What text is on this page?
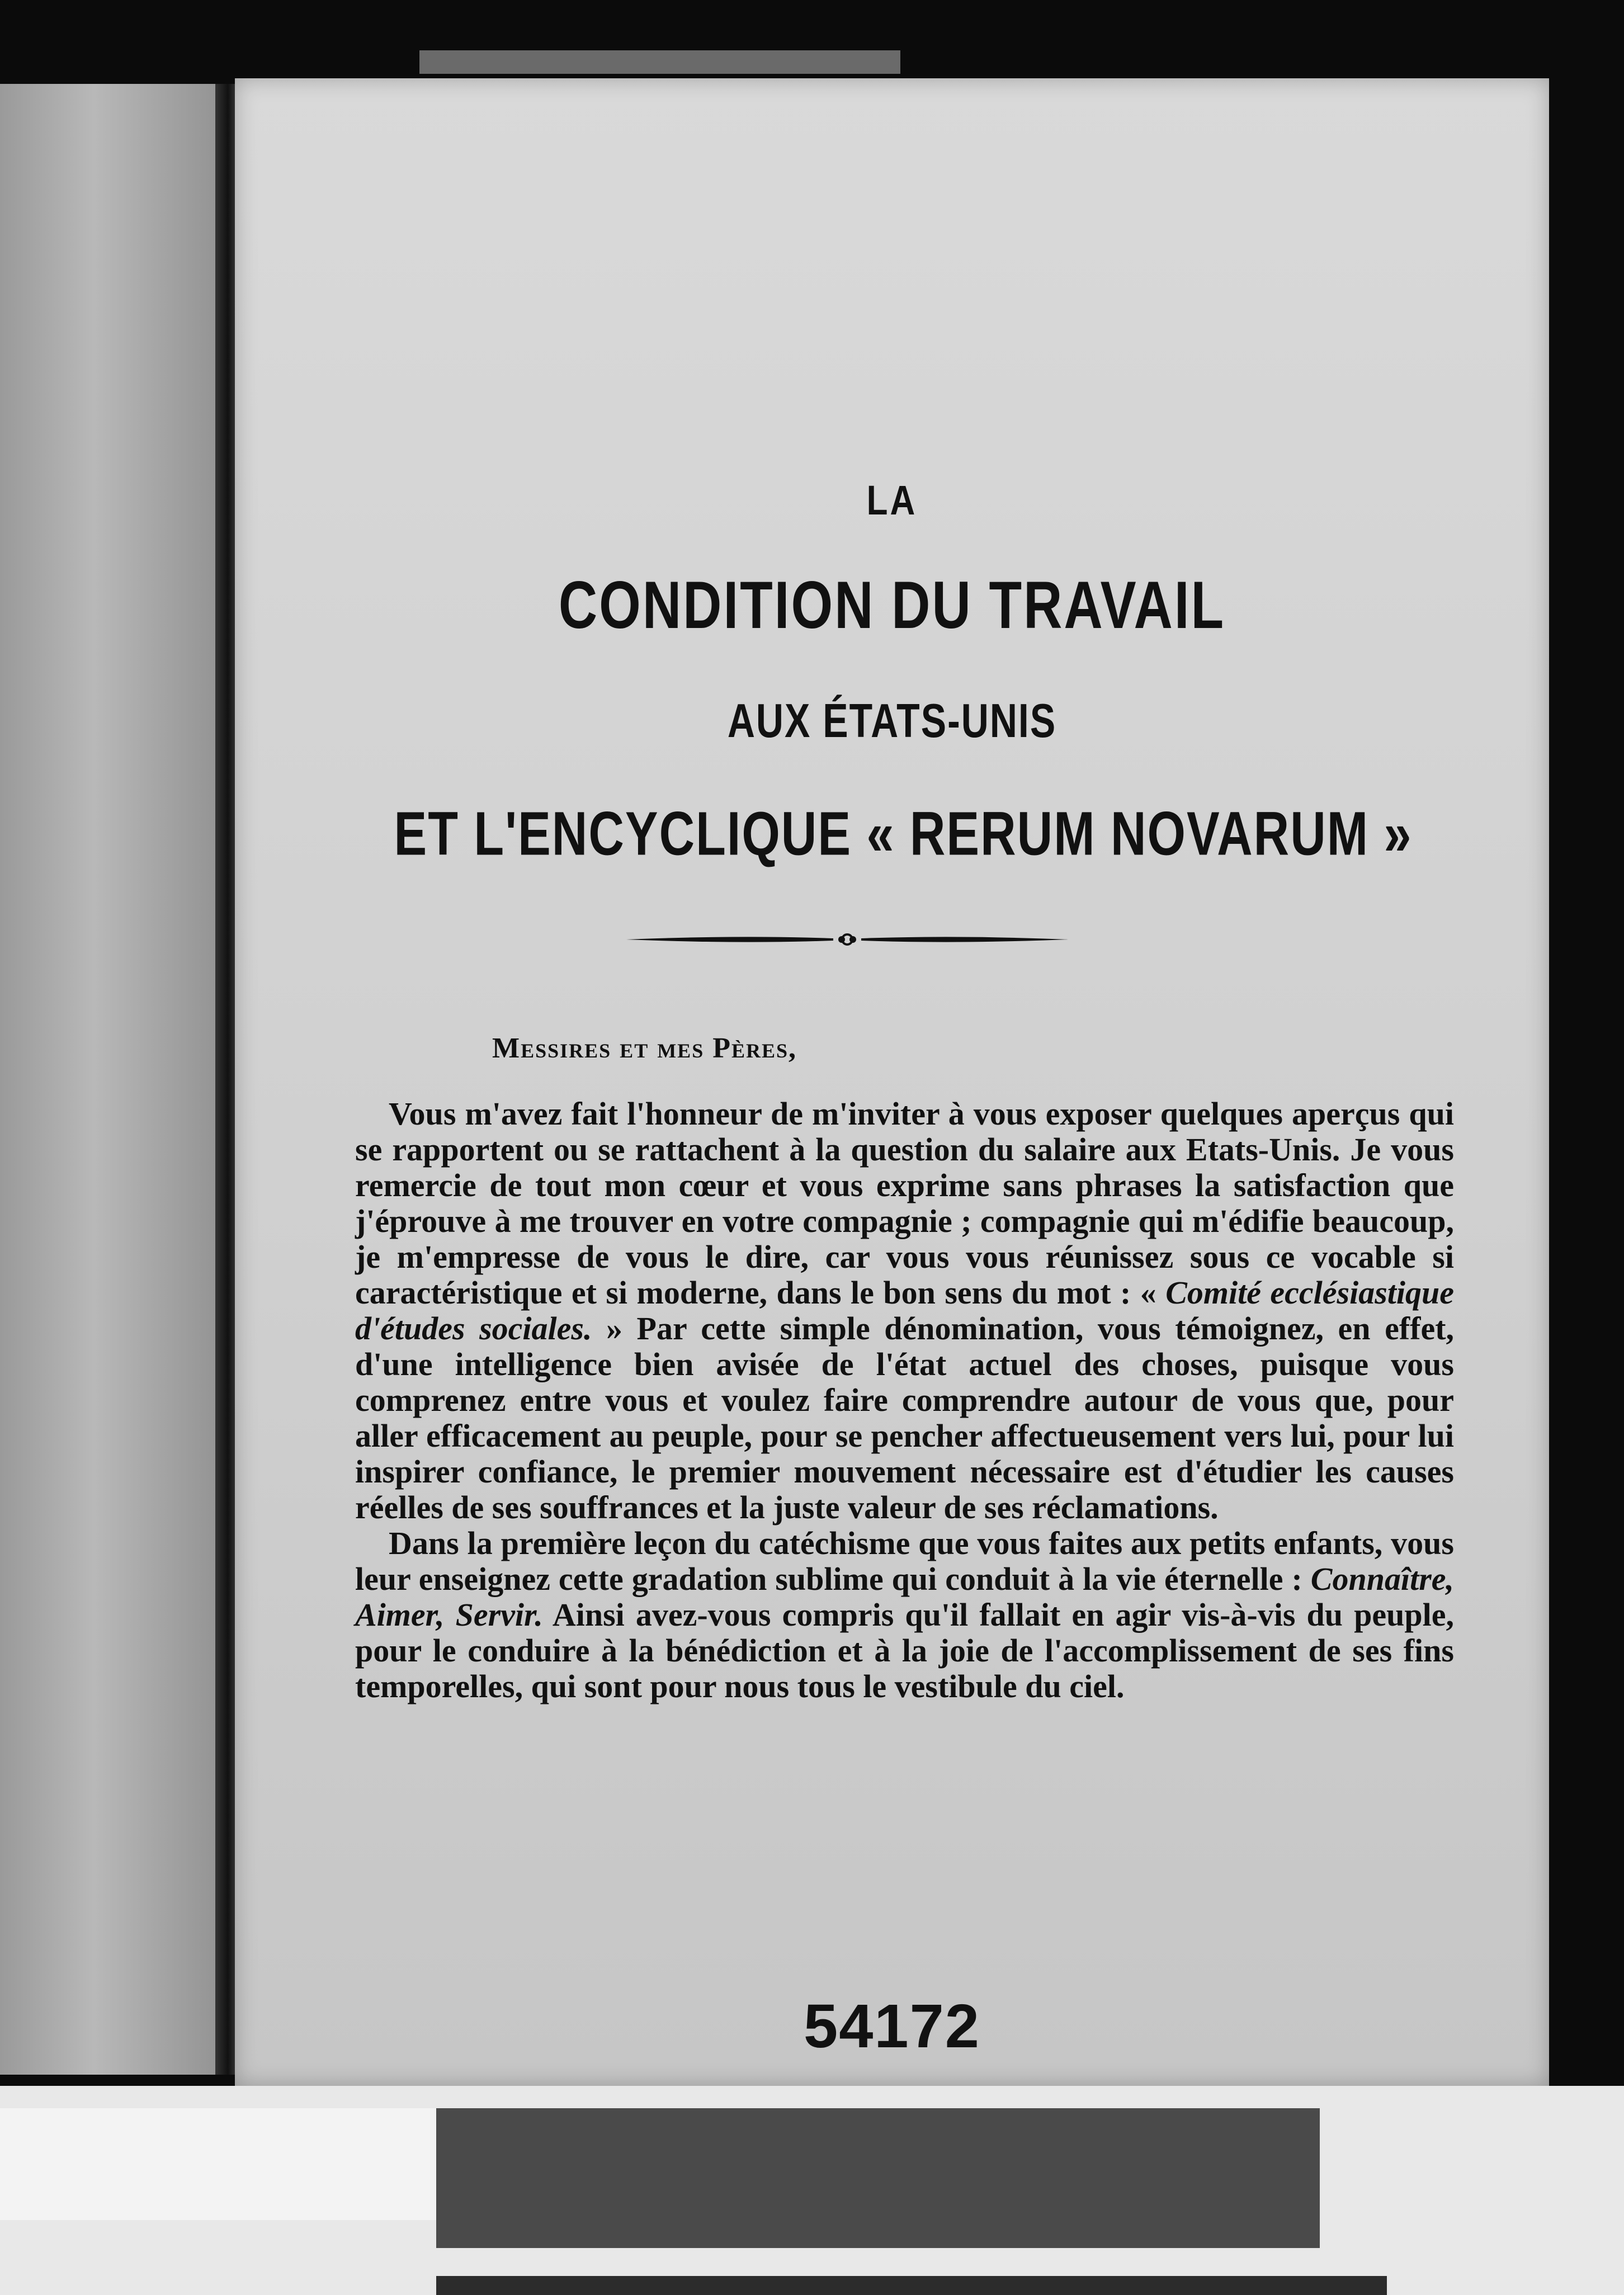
LA
CONDITION DU TRAVAIL
AUX ÉTATS-UNIS
ET L'ENCYCLIQUE « RERUM NOVARUM »
Messires et mes Pères,

Vous m'avez fait l'honneur de m'inviter à vous exposer quelques aperçus qui se rapportent ou se rattachent à la question du salaire aux Etats-Unis. Je vous remercie de tout mon cœur et vous exprime sans phrases la satisfaction que j'éprouve à me trouver en votre compagnie ; compagnie qui m'édifie beaucoup, je m'empresse de vous le dire, car vous vous réunissez sous ce vocable si caractéristique et si moderne, dans le bon sens du mot : « Comité ecclésiastique d'études sociales. » Par cette simple dénomination, vous témoignez, en effet, d'une intelligence bien avisée de l'état actuel des choses, puisque vous comprenez entre vous et voulez faire comprendre autour de vous que, pour aller efficacement au peuple, pour se pencher affectueusement vers lui, pour lui inspirer confiance, le premier mouvement nécessaire est d'étudier les causes réelles de ses souffrances et la juste valeur de ses réclamations.

Dans la première leçon du catéchisme que vous faites aux petits enfants, vous leur enseignez cette gradation sublime qui conduit à la vie éternelle : Connaître, Aimer, Servir. Ainsi avez-vous compris qu'il fallait en agir vis-à-vis du peuple, pour le conduire à la bénédiction et à la joie de l'accomplissement de ses fins temporelles, qui sont pour nous tous le vestibule du ciel.

54172
